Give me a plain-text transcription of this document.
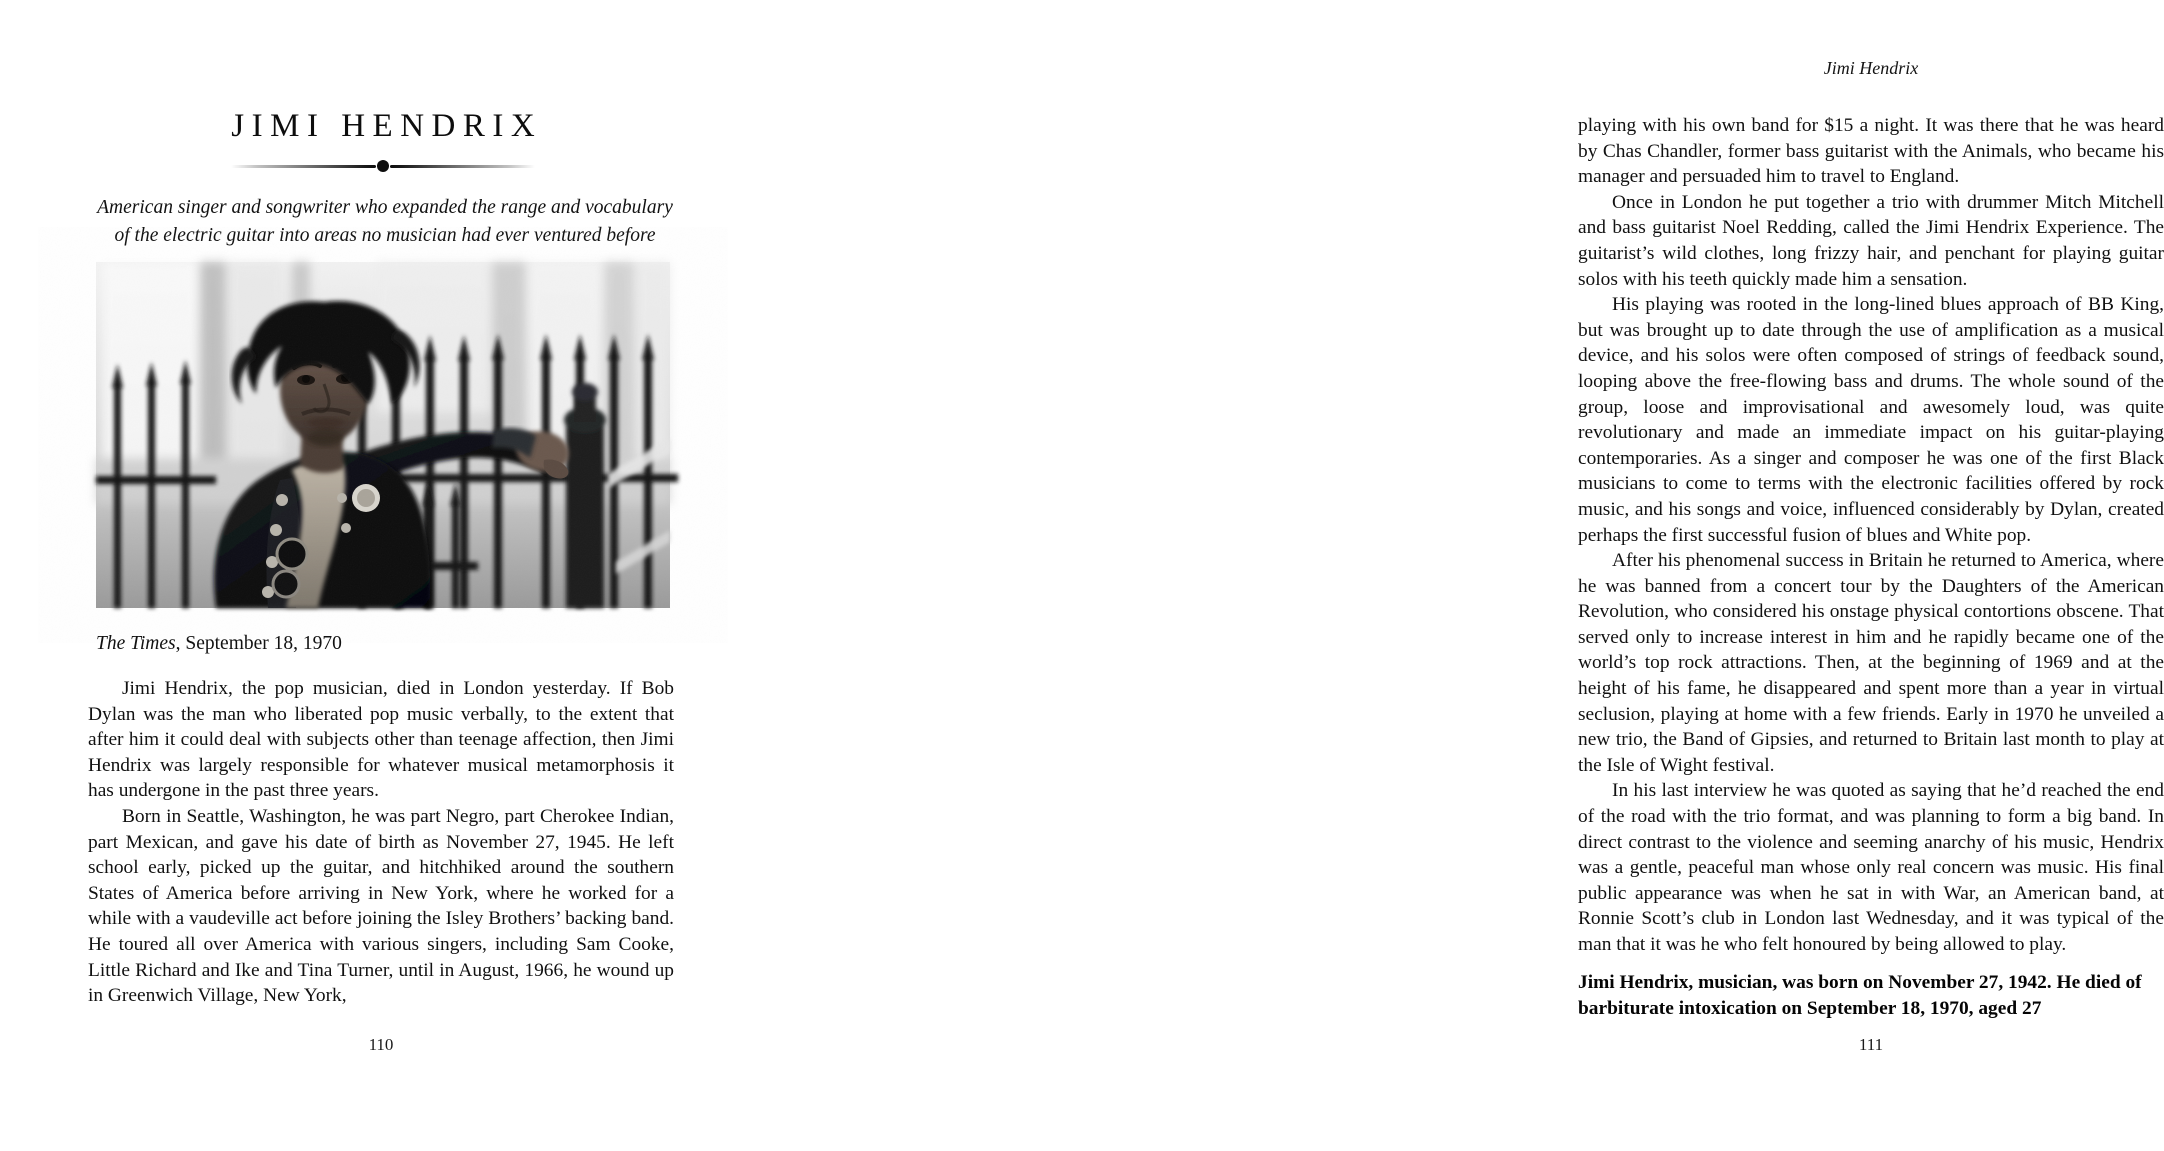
JIMI HENDRIX
American singer and songwriter who expanded the range and vocabulary of the electric guitar into areas no musician had ever ventured before
The Times, September 18, 1970

Jimi Hendrix, the pop musician, died in London yesterday. If Bob Dylan was the man who liberated pop music verbally, to the extent that after him it could deal with subjects other than teenage affection, then Jimi Hendrix was largely responsible for whatever musical metamorphosis it has undergone in the past three years.

Born in Seattle, Washington, he was part Negro, part Cherokee Indian, part Mexican, and gave his date of birth as November 27, 1945. He left school early, picked up the guitar, and hitchhiked around the southern States of America before arriving in New York, where he worked for a while with a vaudeville act before joining the Isley Brothers’ backing band. He toured all over America with various singers, including Sam Cooke, Little Richard and Ike and Tina Turner, until in August, 1966, he wound up in Greenwich Village, New York,

110
Jimi Hendrix

playing with his own band for $15 a night. It was there that he was heard by Chas Chandler, former bass guitarist with the Animals, who became his manager and persuaded him to travel to England.

Once in London he put together a trio with drummer Mitch Mitchell and bass guitarist Noel Redding, called the Jimi Hendrix Experience. The guitarist’s wild clothes, long frizzy hair, and penchant for playing guitar solos with his teeth quickly made him a sensation.

His playing was rooted in the long-lined blues approach of BB King, but was brought up to date through the use of amplification as a musical device, and his solos were often composed of strings of feedback sound, looping above the free-flowing bass and drums. The whole sound of the group, loose and improvisational and awesomely loud, was quite revolutionary and made an immediate impact on his guitar-playing contemporaries. As a singer and composer he was one of the first Black musicians to come to terms with the electronic facilities offered by rock music, and his songs and voice, influenced considerably by Dylan, created perhaps the first successful fusion of blues and White pop.

After his phenomenal success in Britain he returned to America, where he was banned from a concert tour by the Daughters of the American Revolution, who considered his onstage physical contortions obscene. That served only to increase interest in him and he rapidly became one of the world’s top rock attractions. Then, at the beginning of 1969 and at the height of his fame, he disappeared and spent more than a year in virtual seclusion, playing at home with a few friends. Early in 1970 he unveiled a new trio, the Band of Gipsies, and returned to Britain last month to play at the Isle of Wight festival.

In his last interview he was quoted as saying that he’d reached the end of the road with the trio format, and was planning to form a big band. In direct contrast to the violence and seeming anarchy of his music, Hendrix was a gentle, peaceful man whose only real concern was music. His final public appearance was when he sat in with War, an American band, at Ronnie Scott’s club in London last Wednesday, and it was typical of the man that it was he who felt honoured by being allowed to play.

Jimi Hendrix, musician, was born on November 27, 1942. He died of barbiturate intoxication on September 18, 1970, aged 27
111
